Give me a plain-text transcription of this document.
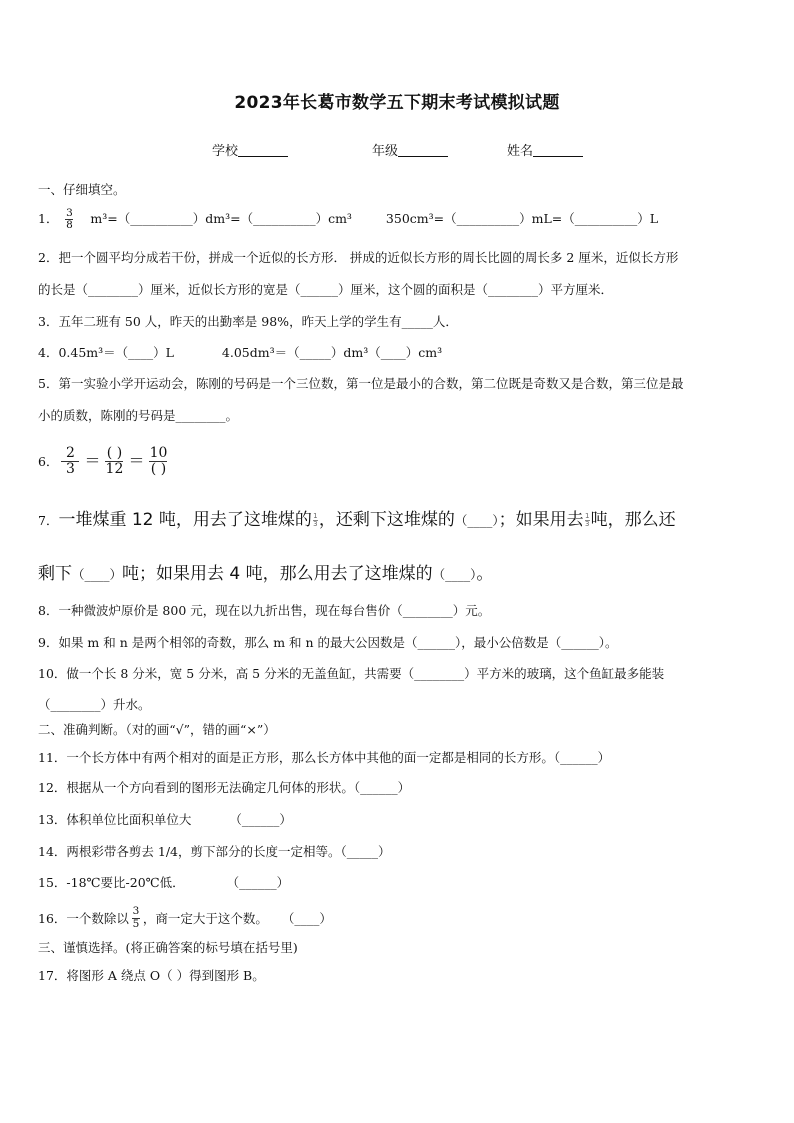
2023年长葛市数学五下期末考试模拟试题
学校	年级	姓名
一、仔细填空。
1． $\frac{3}{8}$ m³=（__________）dm³=（__________）cm³	350cm³=（__________）mL=（__________）L
2．把一个圆平均分成若干份，拼成一个近似的长方形． 拼成的近似长方形的周长比圆的周长多 2 厘米，近似长方形
的长是（________）厘米，近似长方形的宽是（______）厘米，这个圆的面积是（________）平方厘米．
3．五年二班有 50 人，昨天的出勤率是 98%，昨天上学的学生有_____人．
4．0.45m³＝（____）L	4.05dm³＝（_____）dm³（____）cm³
5．第一实验小学开运动会，陈刚的号码是一个三位数，第一位是最小的合数，第二位既是奇数又是合数，第三位是最
小的质数，陈刚的号码是________。
6． $\frac{2}{3} = \frac{( )}{12} = \frac{10}{( )}$
7．一堆煤重 12 吨，用去了这堆煤的 $\frac{1}{3}$ ，还剩下这堆煤的（____）；如果用去 $\frac{1}{3}$ 吨，那么还
剩下（____）吨；如果用去 4 吨，那么用去了这堆煤的（____）。
8．一种微波炉原价是 800 元，现在以九折出售，现在每台售价（________）元。
9．如果 m 和 n 是两个相邻的奇数，那么 m 和 n 的最大公因数是（______），最小公倍数是（______）。
10．做一个长 8 分米，宽 5 分米，高 5 分米的无盖鱼缸，共需要（________）平方米的玻璃，这个鱼缸最多能装
（________）升水。
二、准确判断。（对的画“√”，错的画“×”）
11．一个长方体中有两个相对的面是正方形，那么长方体中其他的面一定都是相同的长方形。（______）
12．根据从一个方向看到的图形无法确定几何体的形状。（______）
13．体积单位比面积单位大	（______）
14．两根彩带各剪去 1/4，剪下部分的长度一定相等。（_____）
15．-18℃要比-20℃低．	（______）
16．一个数除以 $\frac{3}{5}$ ，商一定大于这个数。 （____）
三、谨慎选择。(将正确答案的标号填在括号里)
17．将图形 A 绕点 O（ ）得到图形 B。
